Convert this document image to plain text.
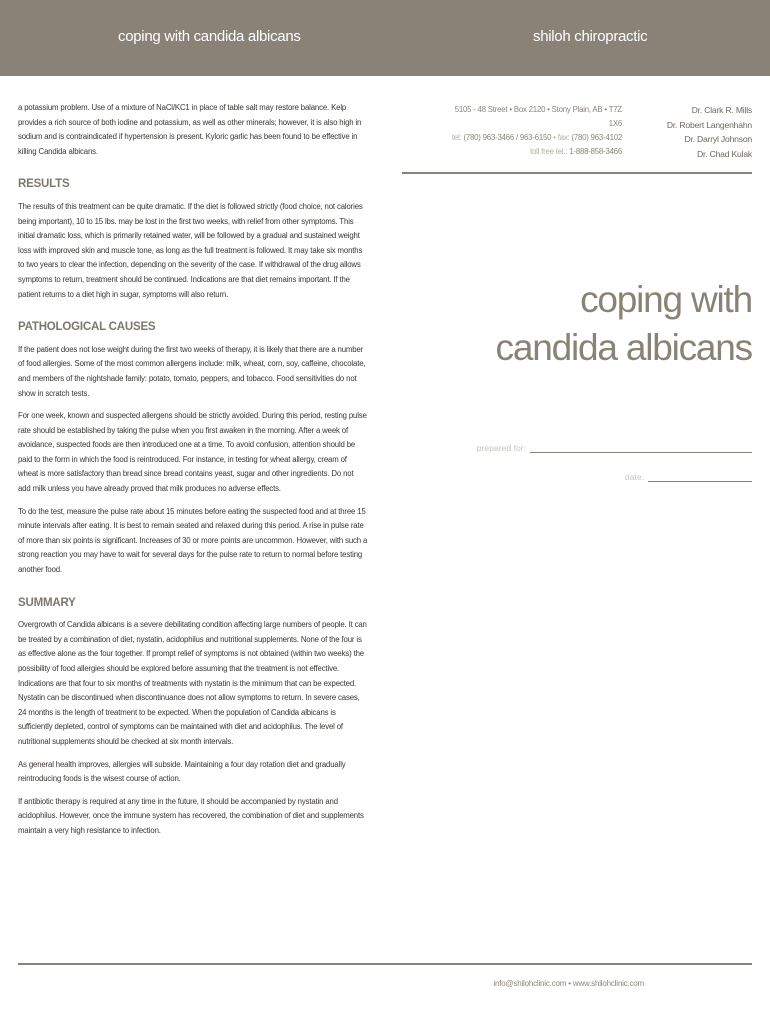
coping with candida albicans	shiloh chiropractic

a potassium problem. Use of a mixture of NaCl/KC1 in place of table salt may restore balance. Kelp provides a rich source of both iodine and potassium, as well as other minerals; however, it is also high in sodium and is contraindicated if hypertension is present. Kyloric garlic has been found to be effective in killing Candida albicans.

RESULTS

The results of this treatment can be quite dramatic. If the diet is followed strictly (food choice, not calories being important), 10 to 15 lbs. may be lost in the first two weeks, with relief from other symptoms. This initial dramatic loss, which is primarily retained water, will be followed by a gradual and sustained weight loss with improved skin and muscle tone, as long as the full treatment is followed. It may take six months to two years to clear the infection, depending on the severity of the case. If withdrawal of the drug allows symptoms to return, treatment should be continued. Indications are that diet remains important. If the patient returns to a diet high in sugar, symptoms will also return.

PATHOLOGICAL CAUSES

If the patient does not lose weight during the first two weeks of therapy, it is likely that there are a number of food allergies. Some of the most common allergens include: milk, wheat, corn, soy, caffeine, chocolate, and members of the nightshade family: potato, tomato, peppers, and tobacco. Food sensitivities do not show in scratch tests.

For one week, known and suspected allergens should be strictly avoided. During this period, resting pulse rate should be established by taking the pulse when you first awaken in the morning. After a week of avoidance, suspected foods are then introduced one at a time. To avoid confusion, attention should be paid to the form in which the food is reintroduced. For instance, in testing for wheat allergy, cream of wheat is more satisfactory than bread since bread contains yeast, sugar and other ingredients. Do not add milk unless you have already proved that milk produces no adverse effects.

To do the test, measure the pulse rate about 15 minutes before eating the suspected food and at three 15 minute intervals after eating. It is best to remain seated and relaxed during this period. A rise in pulse rate of more than six points is significant. Increases of 30 or more points are uncommon. However, with such a strong reaction you may have to wait for several days for the pulse rate to return to normal before testing another food.

SUMMARY

Overgrowth of Candida albicans is a severe debilitating condition affecting large numbers of people. It can be treated by a combination of diet, nystatin, acidophilus and nutritional supplements. None of the four is as effective alone as the four together. If prompt relief of symptoms is not obtained (within two weeks) the possibility of food allergies should be explored before assuming that the treatment is not effective. Indications are that four to six months of treatments with nystatin is the minimum that can be expected. Nystatin can be discontinued when discontinuance does not allow symptoms to return. In severe cases, 24 months is the length of treatment to be expected. When the population of Candida albicans is sufficiently depleted, control of symptoms can be maintained with diet and acidophilus. The level of nutritional supplements should be checked at six month intervals.

As general health improves, allergies will subside. Maintaining a four day rotation diet and gradually reintroducing foods is the wisest course of action.

If antibiotic therapy is required at any time in the future, it should be accompanied by nystatin and acidophilus. However, once the immune system has recovered, the combination of diet and supplements maintain a very high resistance to infection.

5105 - 48 Street • Box 2120 • Stony Plain, AB • T7Z 1X6
tel: (780) 963-3466 / 963-6150 • fax: (780) 963-4102
toll free tel.: 1-888-858-3466
Dr. Clark R. Mills
Dr. Robert Langenhahn
Dr. Darryl Johnson
Dr. Chad Kulak
coping with
candida albicans
prepared for:
date:
info@shilohclinic.com • www.shilohclinic.com
